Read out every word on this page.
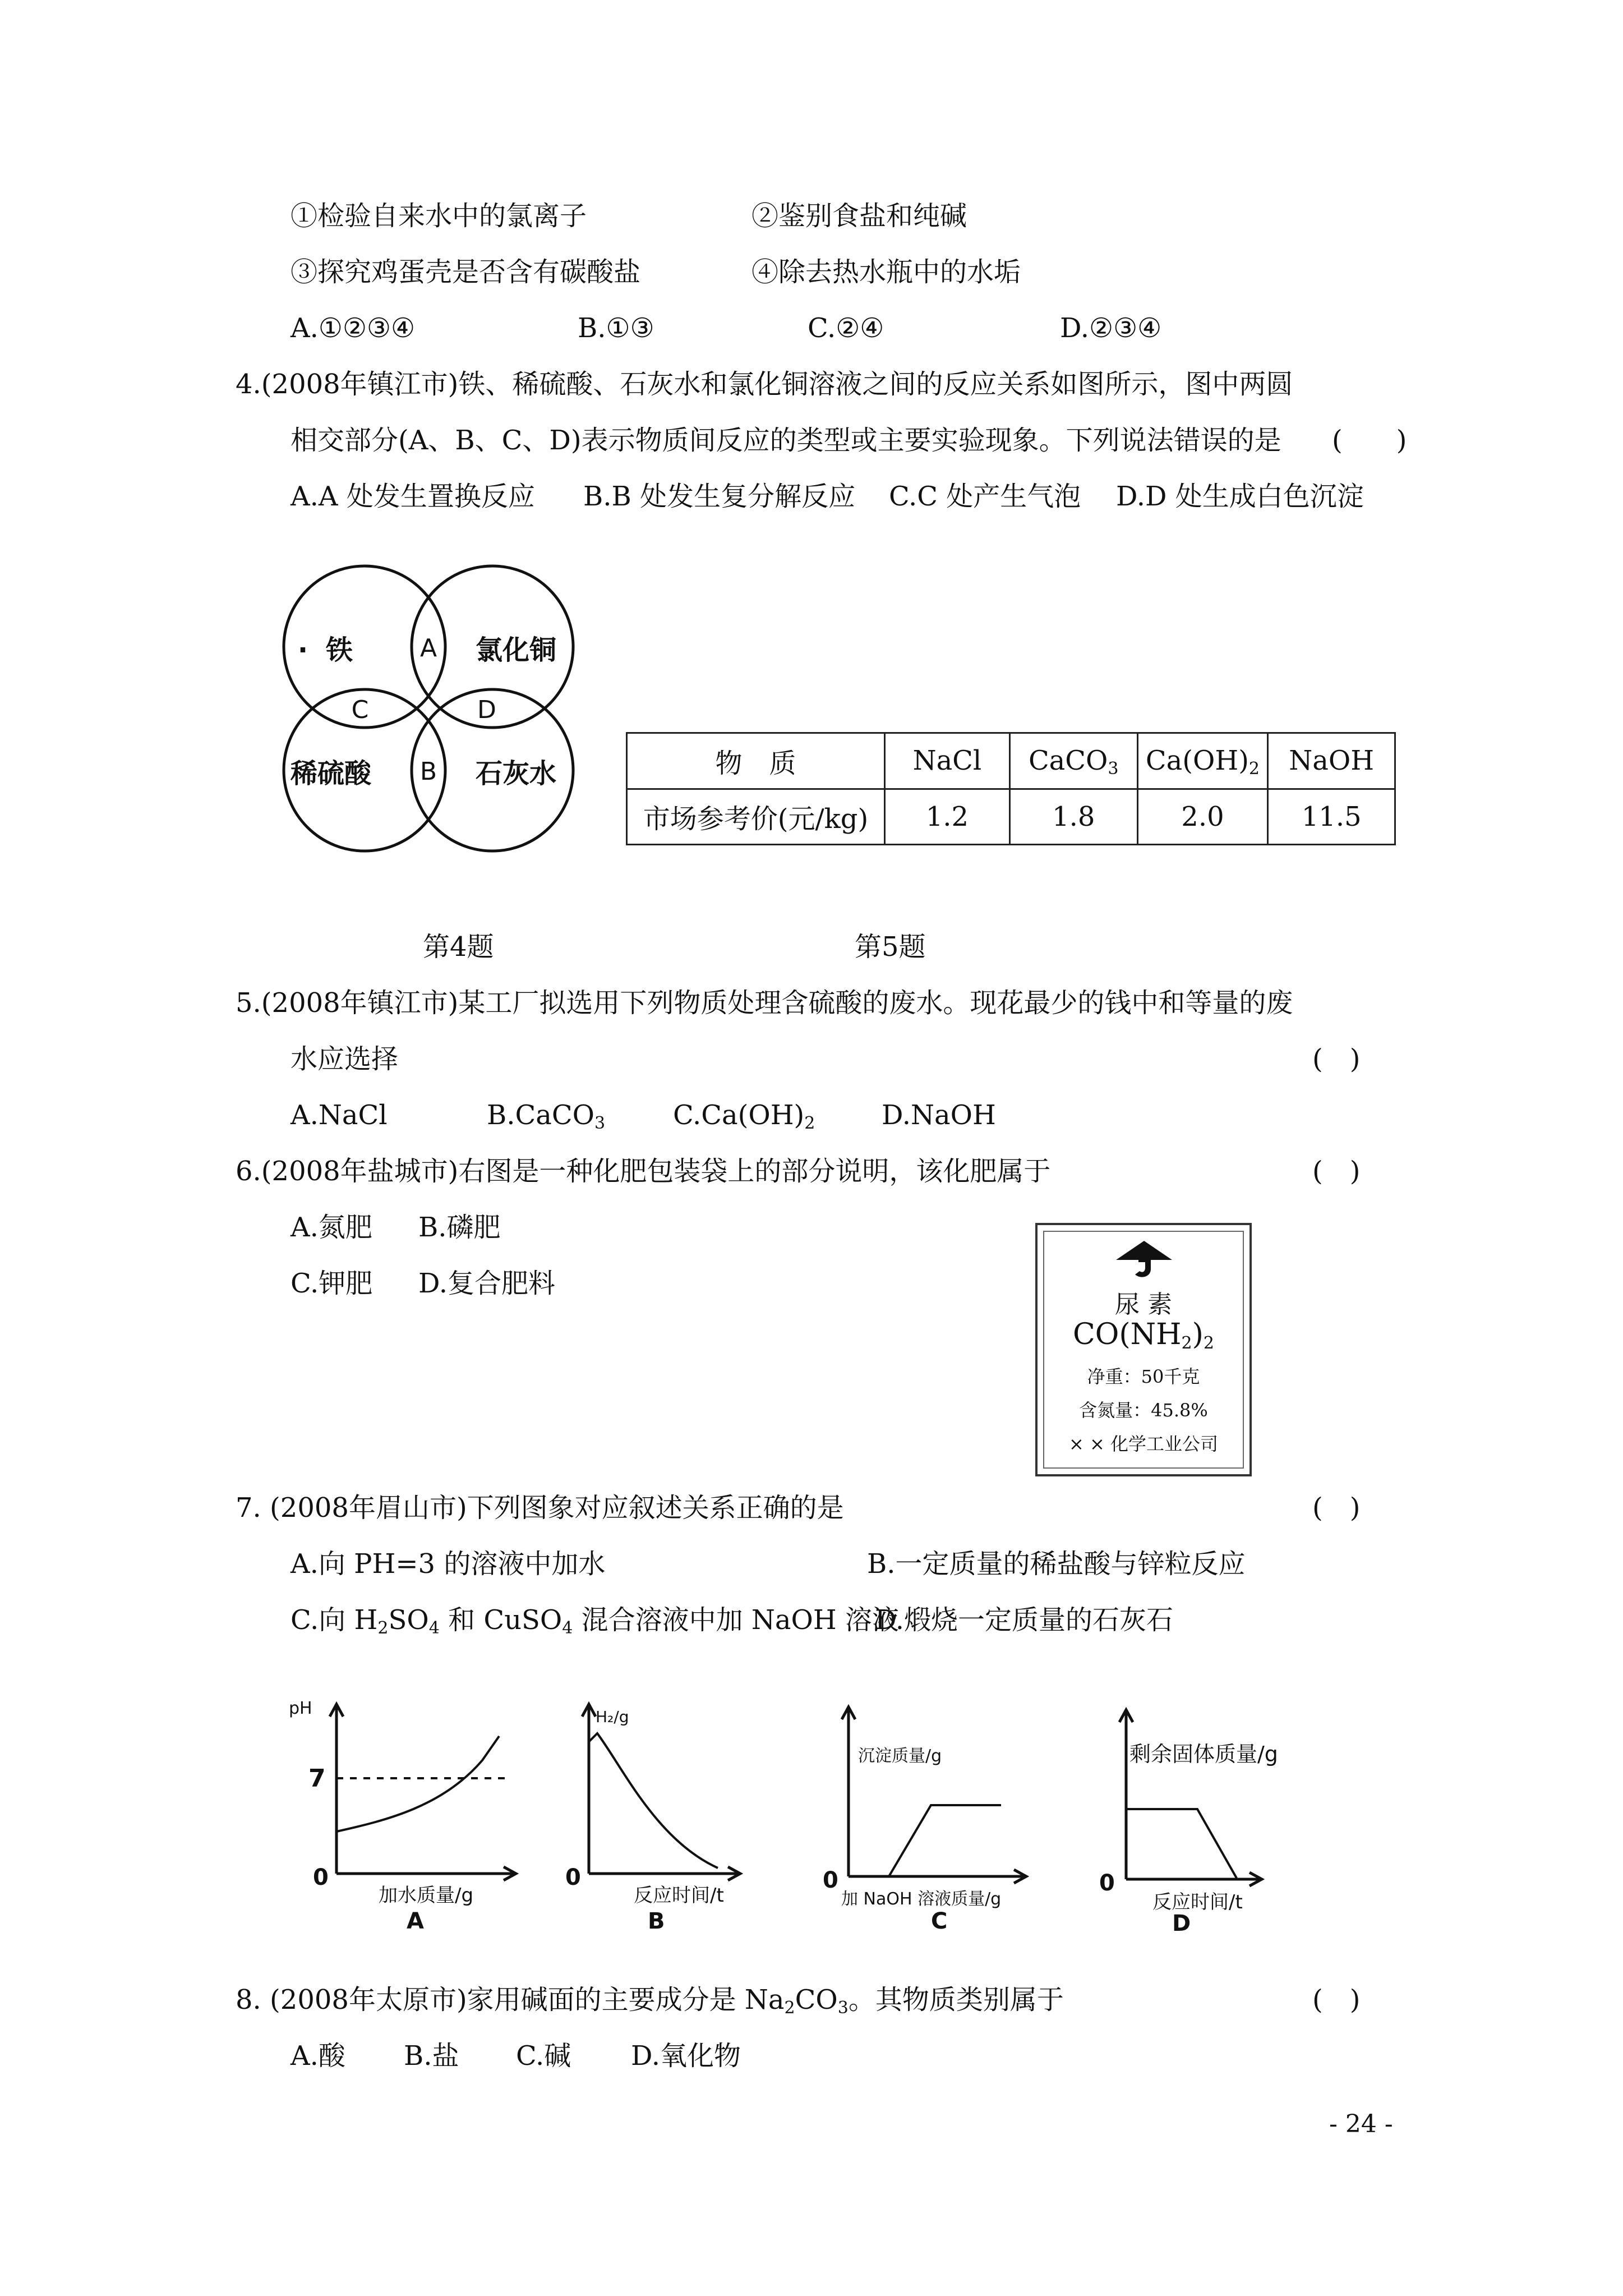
①检验自来水中的氯离子	②鉴别食盐和纯碱
③探究鸡蛋壳是否含有碳酸盐	④除去热水瓶中的水垢
A.①②③④	B.①③	C.②④	D.②③④
4.(2008年镇江市)铁、稀硫酸、石灰水和氯化铜溶液之间的反应关系如图所示，图中两圆
相交部分(A、B、C、D)表示物质间反应的类型或主要实验现象。下列说法错误的是 (　　)
A.A 处发生置换反应 B.B 处发生复分解反应 C.C 处产生气泡 D.D 处生成白色沉淀
· 铁	氯化铜
稀硫酸	石灰水
A
B
C	D
物　质	NaCl	CaCO$_3$	$Ca(OH)_2$	NaOH
市场参考价(元/kg)	1.2	1.8	2.0	11.5
第4题	第5题
5.(2008年镇江市)某工厂拟选用下列物质处理含硫酸的废水。现花最少的钱中和等量的废
水应选择	(　)
A.NaCl	B.CaCO$_3$	$C.Ca(OH)_2$ D.NaOH
6.(2008年盐城市)右图是一种化肥包装袋上的部分说明，该化肥属于	(　)
A.氮肥 B.磷肥
C.钾肥 D.复合肥料
尿 素
$CO(NH_2)_2$
净重：50千克
含氮量：45.8%
× × 化学工业公司
7. (2008年眉山市)下列图象对应叙述关系正确的是	(　)
A.向 PH=3 的溶液中加水	B.一定质量的稀盐酸与锌粒反应
C.向 $H_2SO_4$ 和 CuSO$_4$ 混合溶液中加 NaOH 溶液
D.煅烧一定质量的石灰石
pH
7
0
加水质量/g
A
H₂/g
0
反应时间/t
B
沉淀质量/g
0
加 NaOH 溶液质量/g
C
剩余固体质量/g
0
反应时间/t
D
8. (2008年太原市)家用碱面的主要成分是 $Na_2CO_3$。其物质类别属于	(　)
A.酸 B.盐 C.碱 D.氧化物
- 24 -
